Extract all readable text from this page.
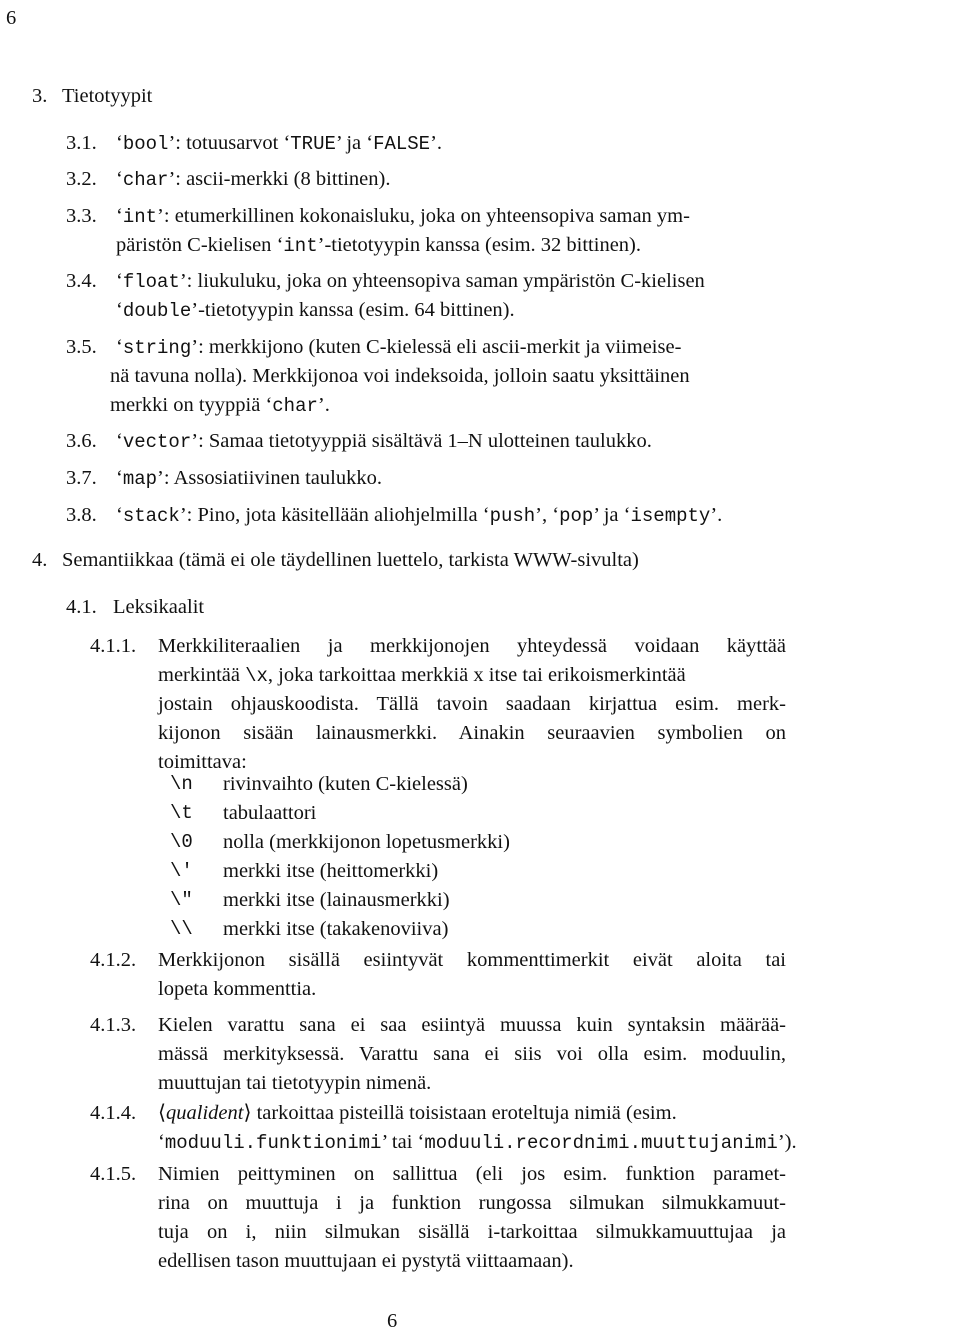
6
3. Tietotyypit
3.1. ‘bool’: totuusarvot ‘TRUE’ ja ‘FALSE’.
3.2. ‘char’: ascii-merkki (8 bittinen).
3.3. ‘int’: etumerkillinen kokonaisluku, joka on yhteensopiva saman ym-
päristön C-kielisen ‘int’-tietotyypin kanssa (esim. 32 bittinen).
3.4. ‘float’: liukuluku, joka on yhteensopiva saman ympäristön C-kielisen
‘double’-tietotyypin kanssa (esim. 64 bittinen).
3.5. ‘string’: merkkijono (kuten C-kielessä eli ascii-merkit ja viimeise-
nä tavuna nolla). Merkkijonoa voi indeksoida, jolloin saatu yksittäinen
merkki on tyyppiä ‘char’.
3.6. ‘vector’: Samaa tietotyyppiä sisältävä 1–N ulotteinen taulukko.
3.7. ‘map’: Assosiatiivinen taulukko.
3.8. ‘stack’: Pino, jota käsitellään aliohjelmilla ‘push’, ‘pop’ ja ‘isempty’.
4. Semantiikkaa (tämä ei ole täydellinen luettelo, tarkista WWW-sivulta)
4.1. Leksikaalit
4.1.1. Merkkiliteraalien ja merkkijonojen yhteydessä voidaan käyttää
merkintää \x, joka tarkoittaa merkkiä x itse tai erikoismerkintää
jostain ohjauskoodista. Tällä tavoin saadaan kirjattua esim. merk-
kijonon sisään lainausmerkki. Ainakin seuraavien symbolien on
toimittava:
\n rivinvaihto (kuten C-kielessä)
\t tabulaattori
\0 nolla (merkkijonon lopetusmerkki)
\' merkki itse (heittomerkki)
\" merkki itse (lainausmerkki)
\\ merkki itse (takakenoviiva)
4.1.2. Merkkijonon sisällä esiintyvät kommenttimerkit eivät aloita tai
lopeta kommenttia.
4.1.3. Kielen varattu sana ei saa esiintyä muussa kuin syntaksin määrää-
mässä merkityksessä. Varattu sana ei siis voi olla esim. moduulin,
muuttujan tai tietotyypin nimenä.
4.1.4. ⟨qualident⟩ tarkoittaa pisteillä toisistaan eroteltuja nimiä (esim.
‘moduuli.funktionimi’ tai ‘moduuli.recordnimi.muuttujanimi’).
4.1.5. Nimien peittyminen on sallittua (eli jos esim. funktion paramet-
rina on muuttuja i ja funktion rungossa silmukan silmukkamuut-
tuja on i, niin silmukan sisällä i-tarkoittaa silmukkamuuttujaa ja
edellisen tason muuttujaan ei pystytä viittaamaan).
6
